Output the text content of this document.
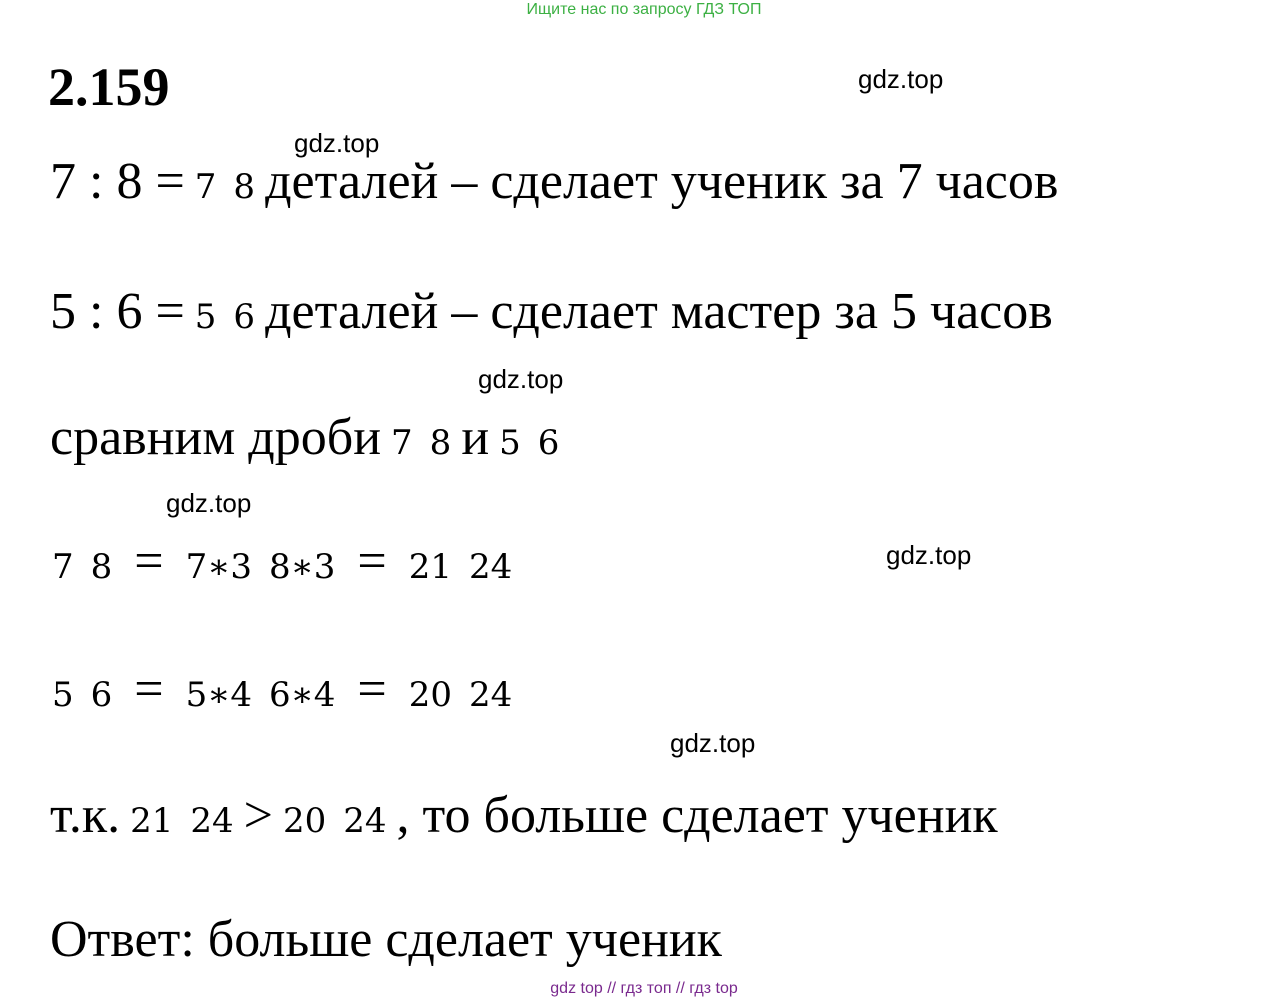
Ищите нас по запросу ГДЗ ТОП
2.159	gdz.top
gdz.top
gdz.top
gdz.top
gdz.top
gdz.top
7 : 8 = 7 8 деталей – сделает ученик за 7 часов
5 : 6 = 5 6 деталей – сделает мастер за 5 часов
сравним дроби 7 8 и 5 6
7 8 = 7∗3 8∗3 = 21 24
5 6 = 5∗4 6∗4 = 20 24
т.к. 21 24 > 20 24 , то больше сделает ученик
Ответ: больше сделает ученик
gdz top // гдз топ // гдз top
